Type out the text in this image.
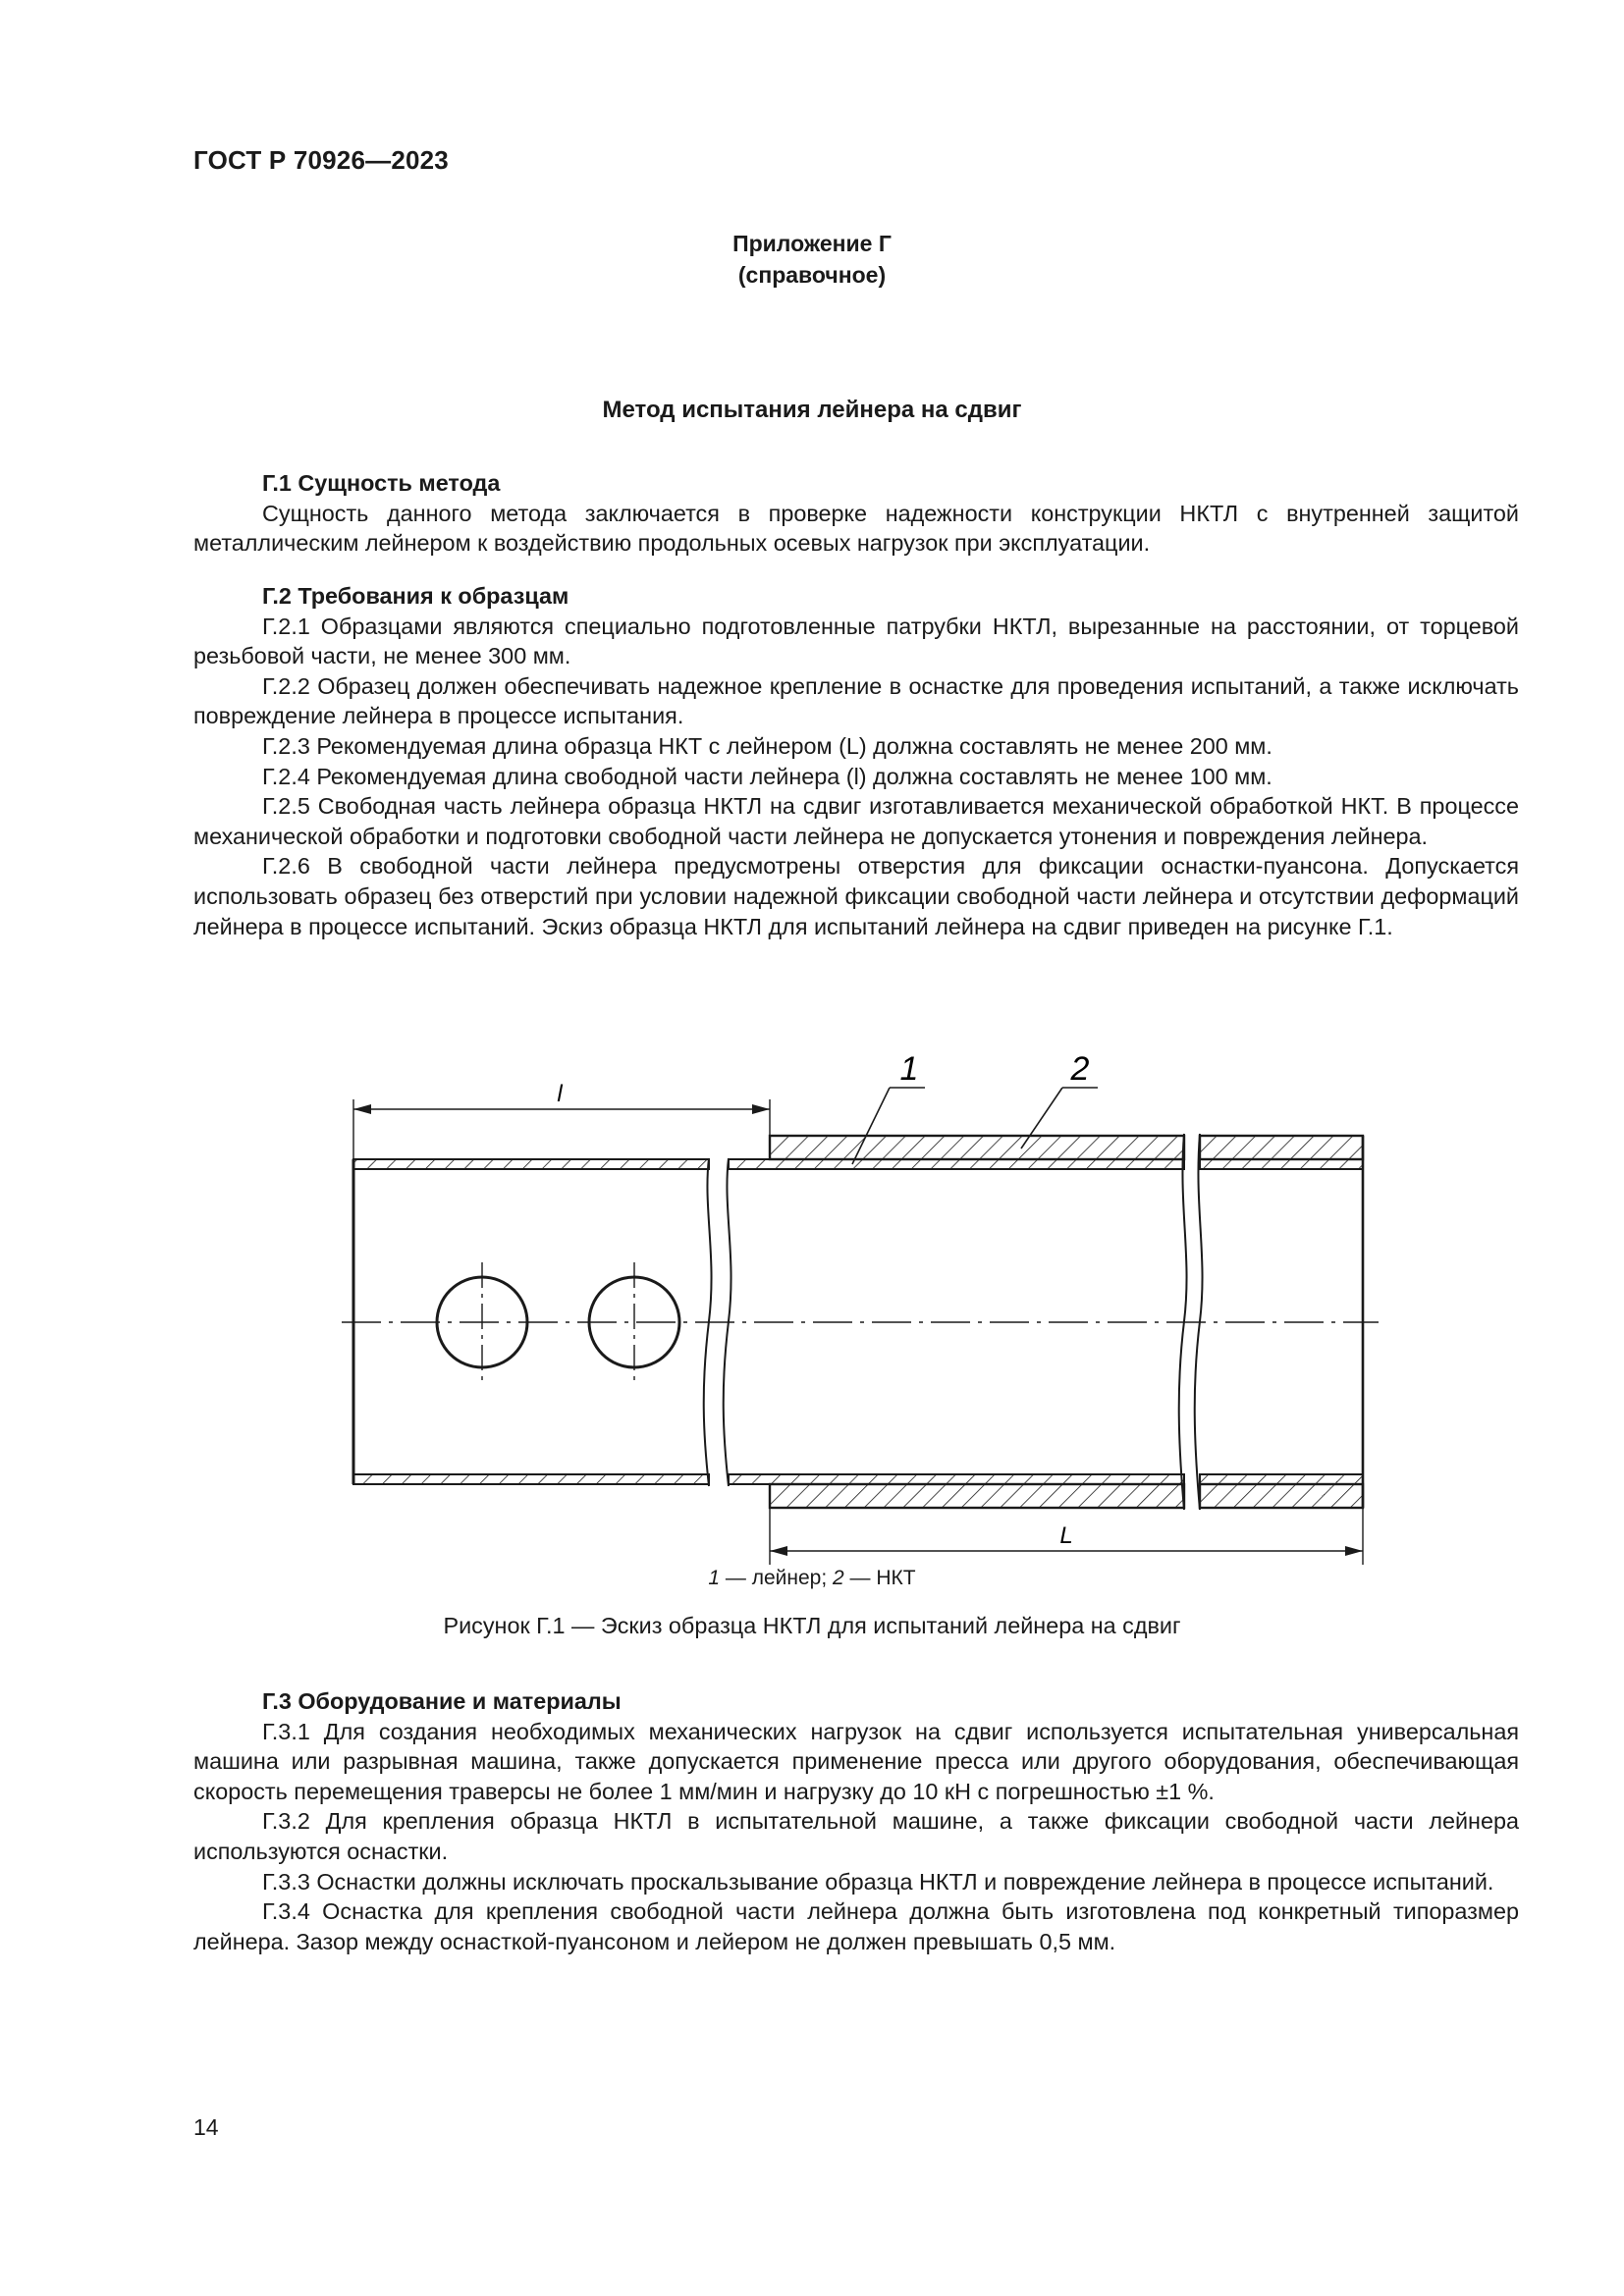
ГОСТ Р 70926—2023
Приложение Г
(справочное)
Метод испытания лейнера на сдвиг
Г.1 Сущность метода

Сущность данного метода заключается в проверке надежности конструкции НКТЛ с внутренней защитой металлическим лейнером к воздействию продольных осевых нагрузок при эксплуатации.

Г.2 Требования к образцам

Г.2.1 Образцами являются специально подготовленные патрубки НКТЛ, вырезанные на расстоянии, от торцевой резьбовой части, не менее 300 мм.

Г.2.2 Образец должен обеспечивать надежное крепление в оснастке для проведения испытаний, а также исключать повреждение лейнера в процессе испытания.

Г.2.3 Рекомендуемая длина образца НКТ с лейнером (L) должна составлять не менее 200 мм.

Г.2.4 Рекомендуемая длина свободной части лейнера (l) должна составлять не менее 100 мм.

Г.2.5 Свободная часть лейнера образца НКТЛ на сдвиг изготавливается механической обработкой НКТ. В процессе механической обработки и подготовки свободной части лейнера не допускается утонения и повреждения лейнера.

Г.2.6 В свободной части лейнера предусмотрены отверстия для фиксации оснастки-пуансона. Допускается использовать образец без отверстий при условии надежной фиксации свободной части лейнера и отсутствии деформаций лейнера в процессе испытаний. Эскиз образца НКТЛ для испытаний лейнера на сдвиг приведен на рисунке Г.1.

l
L
1	2
1 — лейнер; 2 — НКТ
Рисунок Г.1 — Эскиз образца НКТЛ для испытаний лейнера на сдвиг
Г.3 Оборудование и материалы

Г.3.1 Для создания необходимых механических нагрузок на сдвиг используется испытательная универсальная машина или разрывная машина, также допускается применение пресса или другого оборудования, обеспечивающая скорость перемещения траверсы не более 1 мм/мин и нагрузку до 10 кН с погрешностью ±1 %.

Г.3.2 Для крепления образца НКТЛ в испытательной машине, а также фиксации свободной части лейнера используются оснастки.

Г.3.3 Оснастки должны исключать проскальзывание образца НКТЛ и повреждение лейнера в процессе испытаний.

Г.3.4 Оснастка для крепления свободной части лейнера должна быть изготовлена под конкретный типоразмер лейнера. Зазор между оснасткой-пуансоном и лейером не должен превышать 0,5 мм.

14
